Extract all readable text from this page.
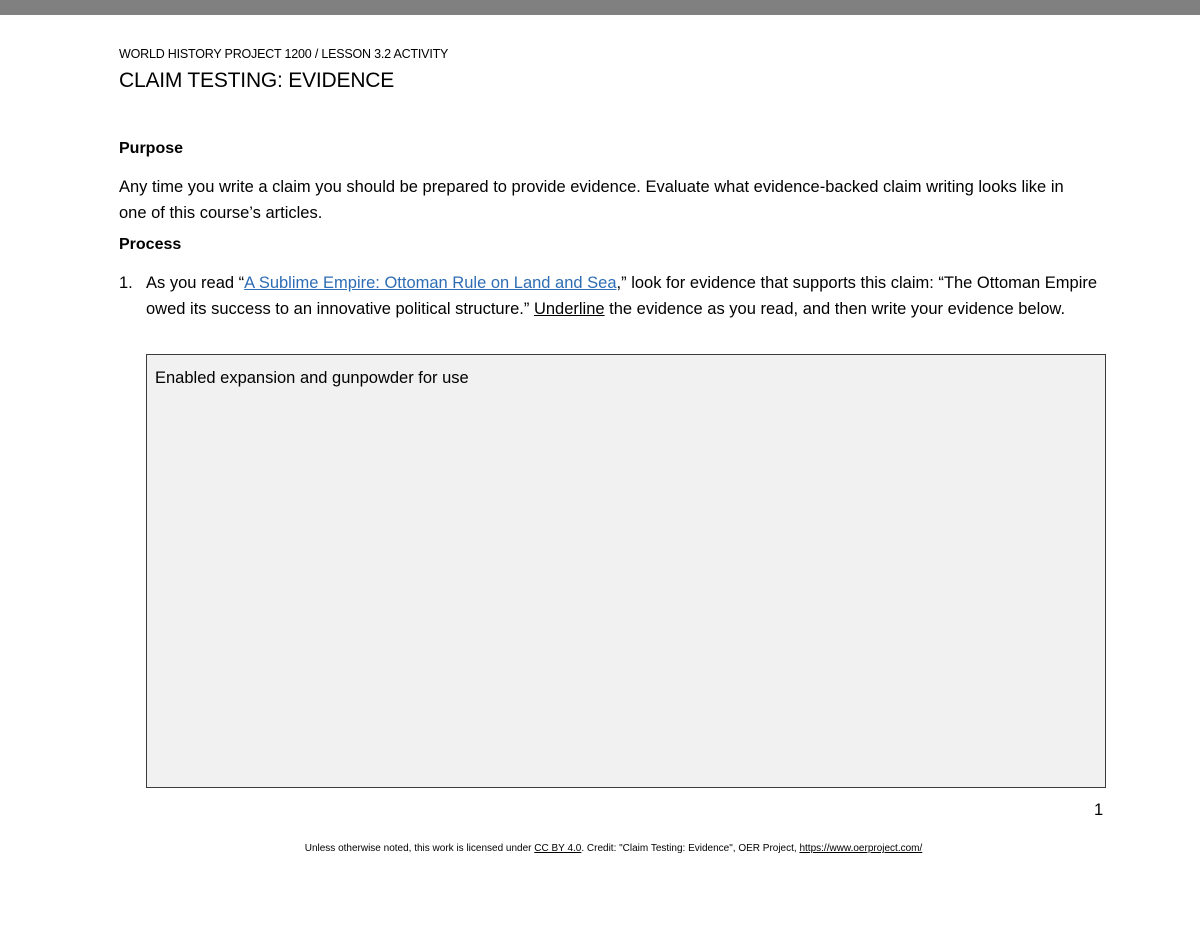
WORLD HISTORY PROJECT 1200 / LESSON 3.2 ACTIVITY
CLAIM TESTING: EVIDENCE
Purpose

Any time you write a claim you should be prepared to provide evidence. Evaluate what evidence-backed claim writing looks like in one of this course’s articles.

Process
1. As you read “A Sublime Empire: Ottoman Rule on Land and Sea,” look for evidence that supports this claim: “The Ottoman Empire owed its success to an innovative political structure.” Underline the evidence as you read, and then write your evidence below.
Enabled expansion and gunpowder for use
1
Unless otherwise noted, this work is licensed under CC BY 4.0. Credit: "Claim Testing: Evidence", OER Project, https://www.oerproject.com/
